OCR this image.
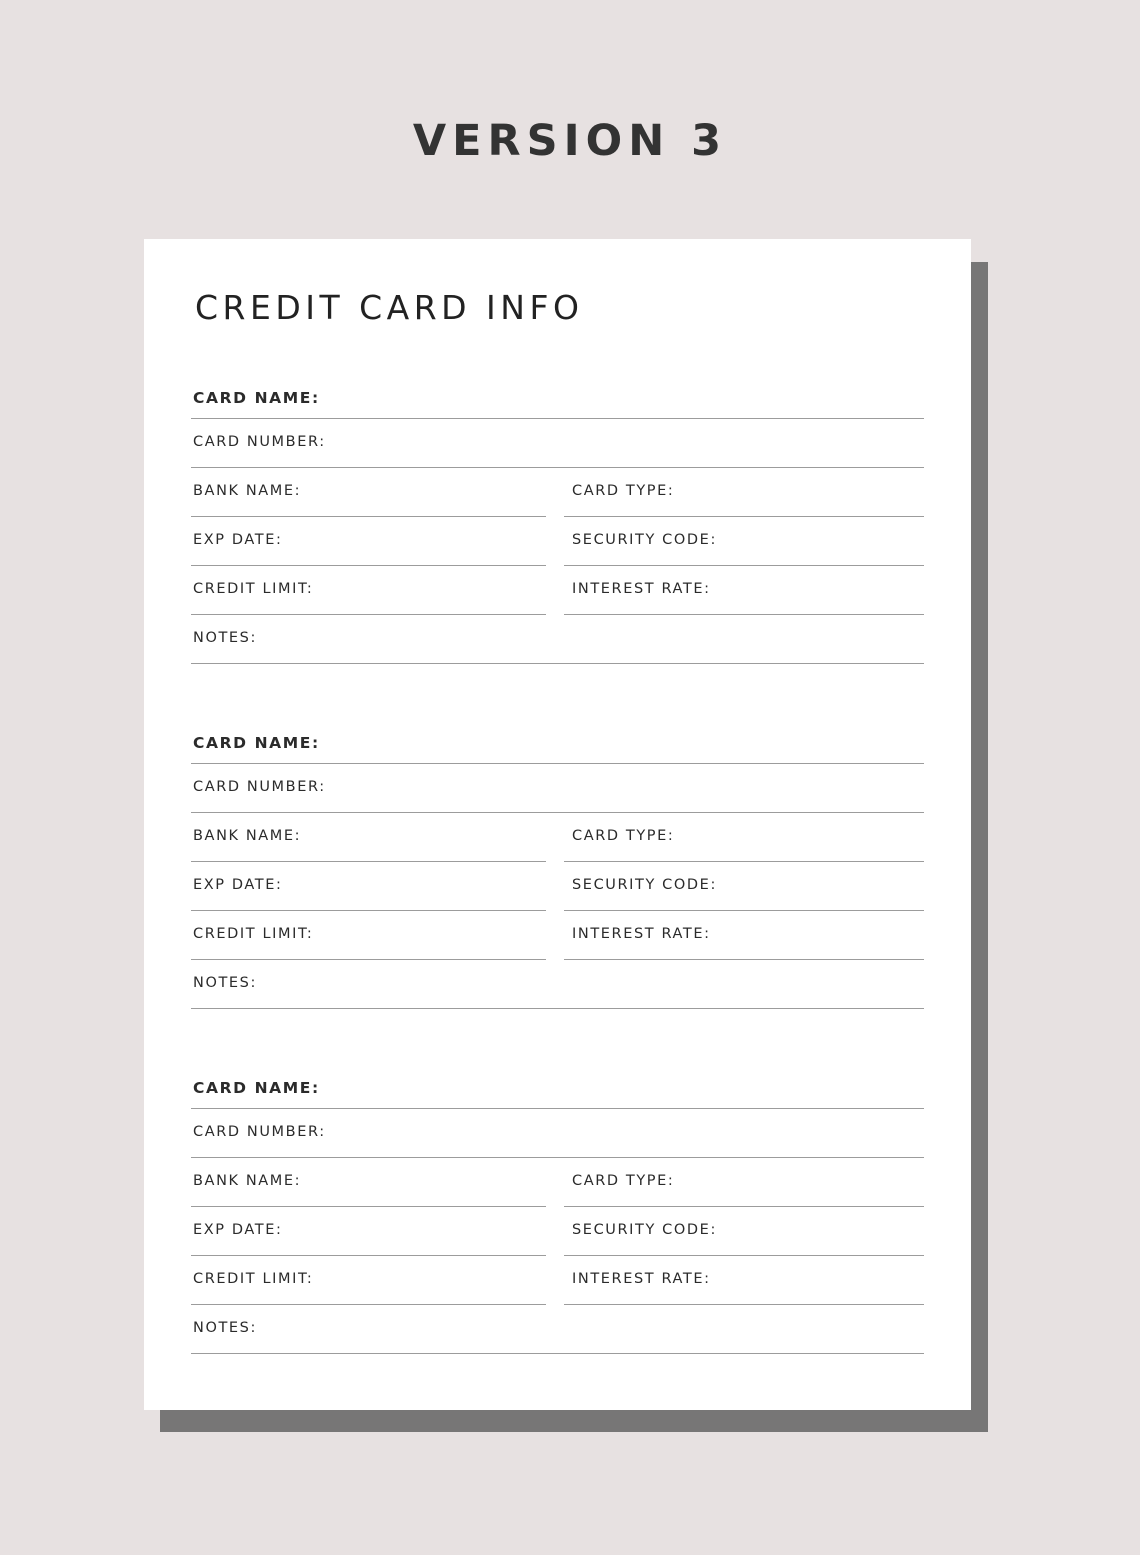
VERSION 3
CREDIT CARD INFO
CARD NAME:
CARD NUMBER:
BANK NAME:	CARD TYPE:
EXP DATE:	SECURITY CODE:
CREDIT LIMIT:	INTEREST RATE:
NOTES:
CARD NAME:
CARD NUMBER:
BANK NAME:	CARD TYPE:
EXP DATE:	SECURITY CODE:
CREDIT LIMIT:	INTEREST RATE:
NOTES:
CARD NAME:
CARD NUMBER:
BANK NAME:	CARD TYPE:
EXP DATE:	SECURITY CODE:
CREDIT LIMIT:	INTEREST RATE:
NOTES:
